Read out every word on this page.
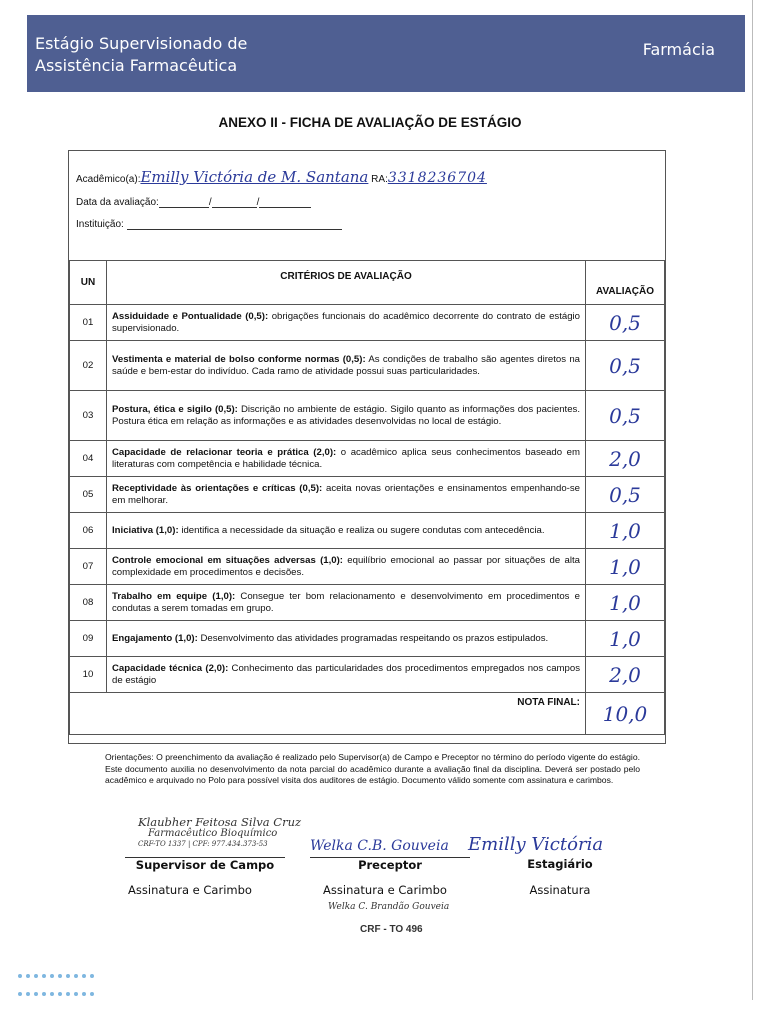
Estágio Supervisionado de
Assistência Farmacêutica
Farmácia
ANEXO II - FICHA DE AVALIAÇÃO DE ESTÁGIO
Acadêmico(a):Emilly Victória de M. Santana RA:3318236704
Data da avaliação:	/	/
Instituição:
UN	CRITÉRIOS DE AVALIAÇÃO	AVALIAÇÃO
01	Assiduidade e Pontualidade (0,5): obrigações funcionais do acadêmico decorrente do contrato de estágio supervisionado.	0,5
02	Vestimenta e material de bolso conforme normas (0,5): As condições de trabalho são agentes diretos na saúde e bem-estar do indivíduo. Cada ramo de atividade possui suas particularidades.	0,5
03	Postura, ética e sigilo (0,5): Discrição no ambiente de estágio. Sigilo quanto as informações dos pacientes. Postura ética em relação as informações e as atividades desenvolvidas no local de estágio.	0,5
04	Capacidade de relacionar teoria e prática (2,0): o acadêmico aplica seus conhecimentos baseado em literaturas com competência e habilidade técnica.	2,0
05	Receptividade às orientações e críticas (0,5): aceita novas orientações e ensinamentos empenhando-se em melhorar.	0,5
06	Iniciativa (1,0): identifica a necessidade da situação e realiza ou sugere condutas com antecedência.	1,0
07	Controle emocional em situações adversas (1,0): equilíbrio emocional ao passar por situações de alta complexidade em procedimentos e decisões.	1,0
08	Trabalho em equipe (1,0): Consegue ter bom relacionamento e desenvolvimento em procedimentos e condutas a serem tomadas em grupo.	1,0
09	Engajamento (1,0): Desenvolvimento das atividades programadas respeitando os prazos estipulados.	1,0
10	Capacidade técnica (2,0): Conhecimento das particularidades dos procedimentos empregados nos campos de estágio	2,0
NOTA FINAL:		10,0
Orientações: O preenchimento da avaliação é realizado pelo Supervisor(a) de Campo e Preceptor no término do período vigente do estágio. Este documento auxilia no desenvolvimento da nota parcial do acadêmico durante a avaliação final da disciplina. Deverá ser postado pelo acadêmico e arquivado no Polo para possível visita dos auditores de estágio. Documento válido somente com assinatura e carimbos.
Klaubher Feitosa Silva Cruz
Farmacêutico Bioquímico
CRF-TO 1337 | CPF: 977.434.373-53
Supervisor de Campo
Assinatura e Carimbo
Welka C.B. Gouveia
Preceptor
Assinatura e Carimbo
Welka C. Brandão Gouveia
CRF - TO 496
Emilly Victória
Estagiário
Assinatura
